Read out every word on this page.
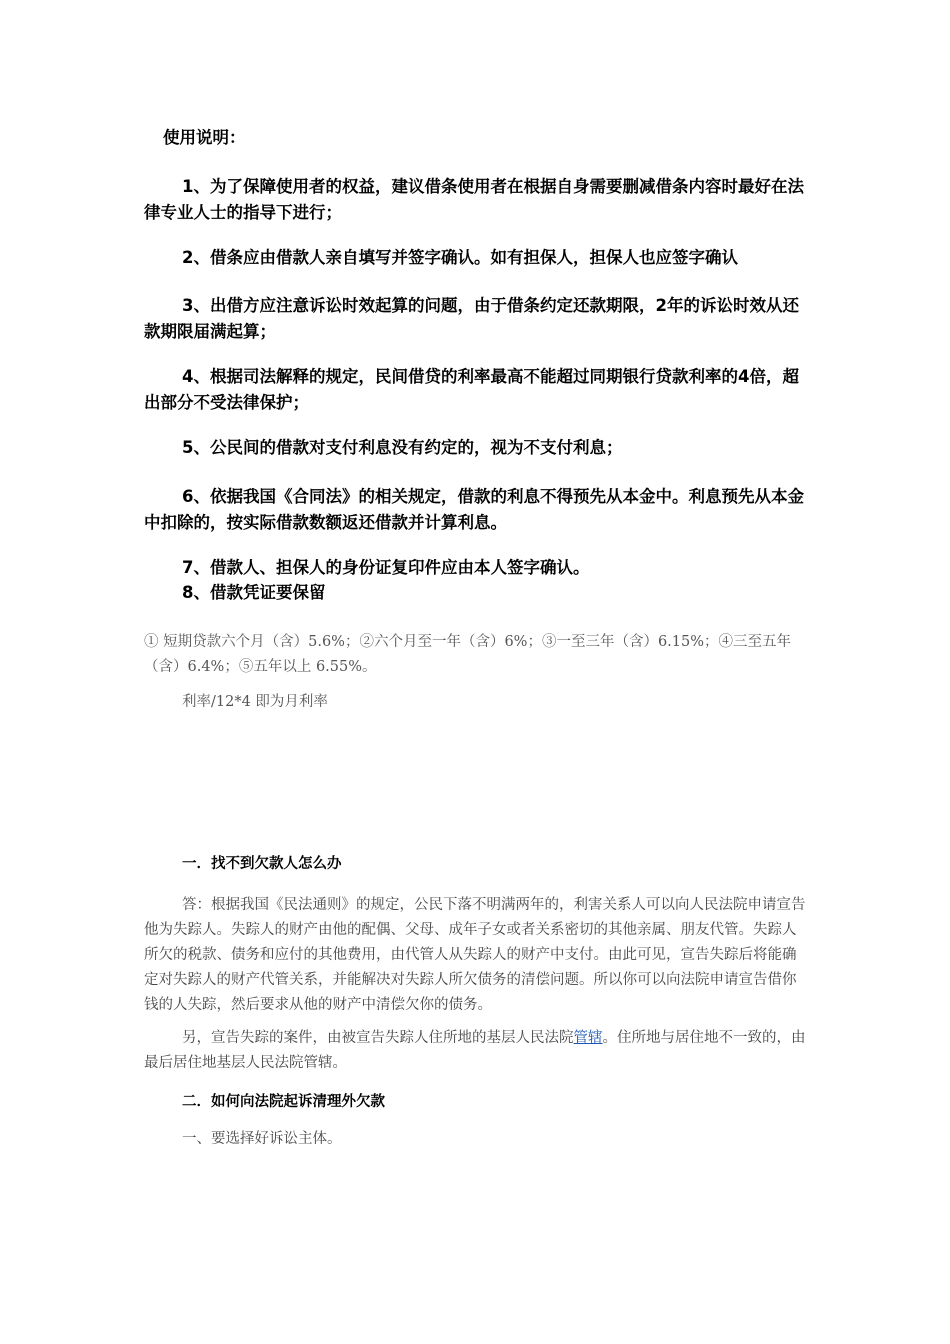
使用说明：

1、为了保障使用者的权益，建议借条使用者在根据自身需要删减借条内容时最好在法律专业人士的指导下进行；

2、借条应由借款人亲自填写并签字确认。如有担保人，担保人也应签字确认

3、出借方应注意诉讼时效起算的问题，由于借条约定还款期限，2年的诉讼时效从还款期限届满起算；

4、根据司法解释的规定，民间借贷的利率最高不能超过同期银行贷款利率的4倍，超出部分不受法律保护；

5、公民间的借款对支付利息没有约定的，视为不支付利息；

6、依据我国《合同法》的相关规定，借款的利息不得预先从本金中。利息预先从本金中扣除的，按实际借款数额返还借款并计算利息。

7、借款人、担保人的身份证复印件应由本人签字确认。

8、借款凭证要保留

① 短期贷款六个月（含）5.6%；②六个月至一年（含）6%；③一至三年（含）6.15%；④三至五年（含）6.4%；⑤五年以上 6.55%。

利率/12*4 即为月利率

一．找不到欠款人怎么办

答：根据我国《民法通则》的规定，公民下落不明满两年的，利害关系人可以向人民法院申请宣告他为失踪人。失踪人的财产由他的配偶、父母、成年子女或者关系密切的其他亲属、朋友代管。失踪人所欠的税款、债务和应付的其他费用，由代管人从失踪人的财产中支付。由此可见，宣告失踪后将能确定对失踪人的财产代管关系，并能解决对失踪人所欠债务的清偿问题。所以你可以向法院申请宣告借你钱的人失踪，然后要求从他的财产中清偿欠你的债务。

另，宣告失踪的案件，由被宣告失踪人住所地的基层人民法院管辖。住所地与居住地不一致的，由最后居住地基层人民法院管辖。

二．如何向法院起诉清理外欠款

一、要选择好诉讼主体。
